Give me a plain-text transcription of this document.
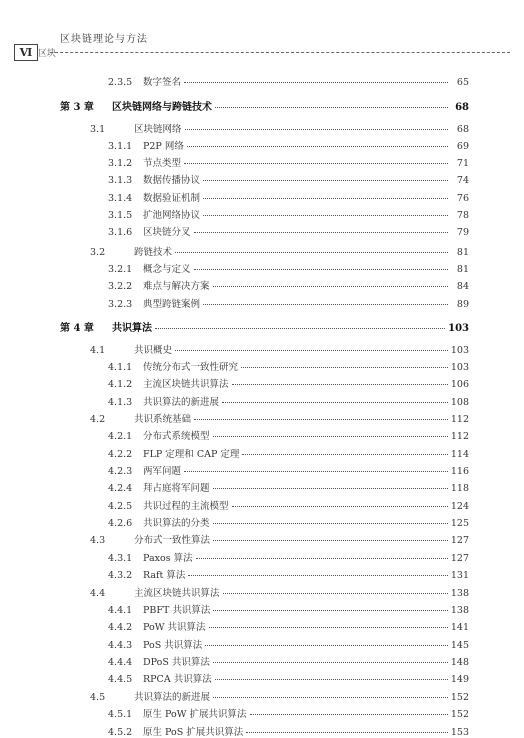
Ⅵ 区块
区块链理论与方法
2.3.5	数字签名	65
第 3 章	区块链网络与跨链技术	68
3.1	区块链网络	68
3.1.1	P2P 网络	69
3.1.2	节点类型	71
3.1.3	数据传播协议	74
3.1.4	数据验证机制	76
3.1.5	扩池网络协议	78
3.1.6	区块链分叉	79
3.2	跨链技术	81
3.2.1	概念与定义	81
3.2.2	难点与解决方案	84
3.2.3	典型跨链案例	89
第 4 章	共识算法	103
4.1	共识概史	103
4.1.1	传统分布式一致性研究	103
4.1.2	主流区块链共识算法	106
4.1.3	共识算法的新进展	108
4.2	共识系统基础	112
4.2.1	分布式系统模型	112
4.2.2	FLP 定理和 CAP 定理	114
4.2.3	两军问题	116
4.2.4	拜占庭将军问题	118
4.2.5	共识过程的主流模型	124
4.2.6	共识算法的分类	125
4.3	分布式一致性算法	127
4.3.1	Paxos 算法	127
4.3.2	Raft 算法	131
4.4	主流区块链共识算法	138
4.4.1	PBFT 共识算法	138
4.4.2	PoW 共识算法	141
4.4.3	PoS 共识算法	145
4.4.4	DPoS 共识算法	148
4.4.5	RPCA 共识算法	149
4.5	共识算法的新进展	152
4.5.1	原生 PoW 扩展共识算法	152
4.5.2	原生 PoS 扩展共识算法	153
